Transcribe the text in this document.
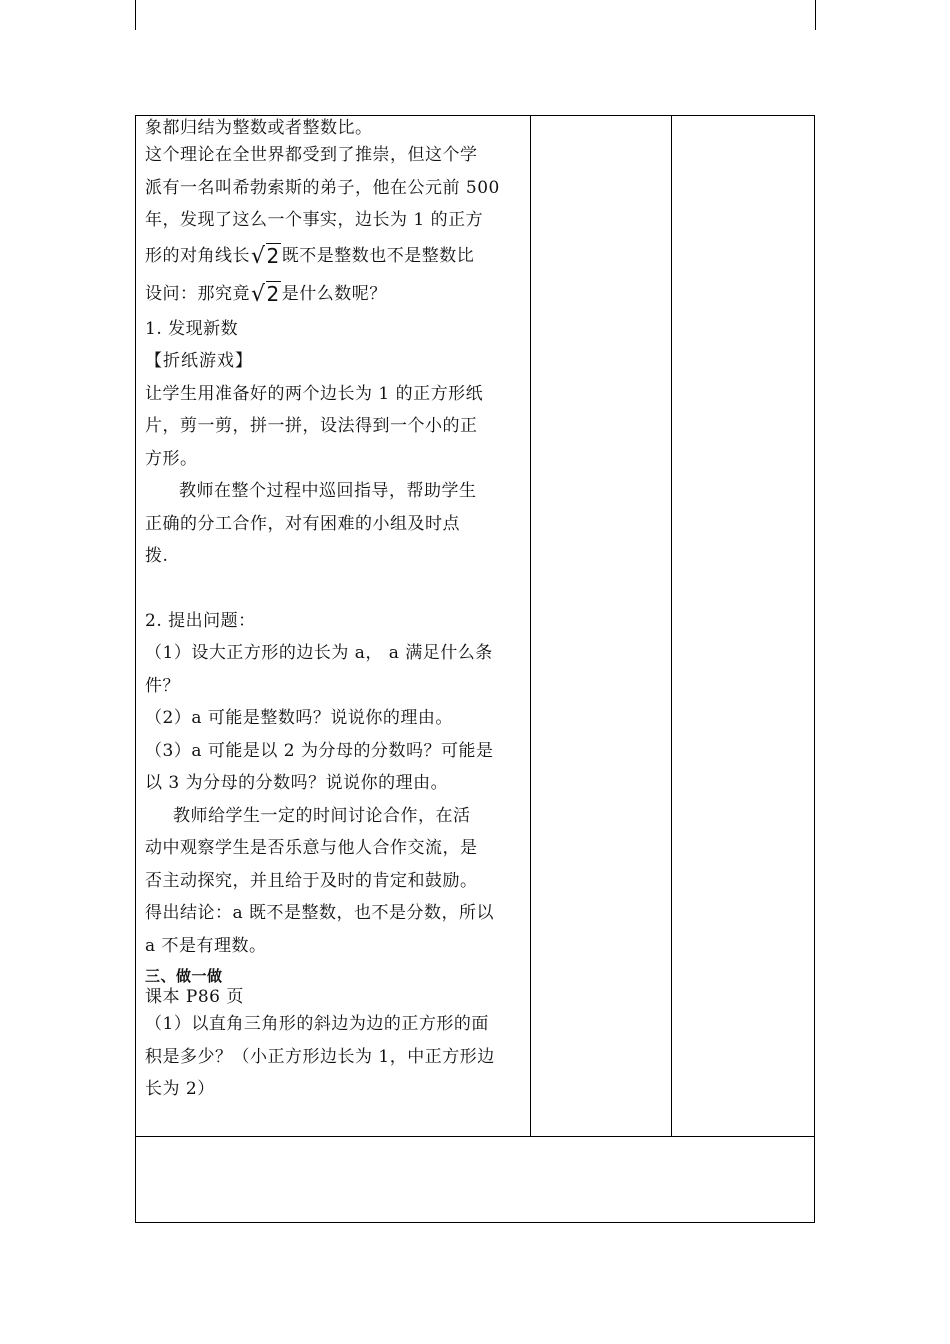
象都归结为整数或者整数比。
这个理论在全世界都受到了推崇，但这个学
派有一名叫希勃索斯的弟子，他在公元前 500
年，发现了这么一个事实，边长为 1 的正方
形的对角线长√2 既不是整数也不是整数比
设问：那究竟√2 是什么数呢？
1. 发现新数
【折纸游戏】
让学生用准备好的两个边长为 1 的正方形纸
片，剪一剪，拼一拼，设法得到一个小的正
方形。
教师在整个过程中巡回指导，帮助学生
正确的分工合作，对有困难的小组及时点
拨.
2. 提出问题：
（1）设大正方形的边长为 a， a 满足什么条
件？
（2）a 可能是整数吗？说说你的理由。
（3）a 可能是以 2 为分母的分数吗？可能是
以 3 为分母的分数吗？说说你的理由。
教师给学生一定的时间讨论合作，在活
动中观察学生是否乐意与他人合作交流，是
否主动探究，并且给于及时的肯定和鼓励。
得出结论：a 既不是整数，也不是分数，所以
a 不是有理数。
三、做一做
课本 P86 页
（1）以直角三角形的斜边为边的正方形的面
积是多少？（小正方形边长为 1，中正方形边
长为 2）
